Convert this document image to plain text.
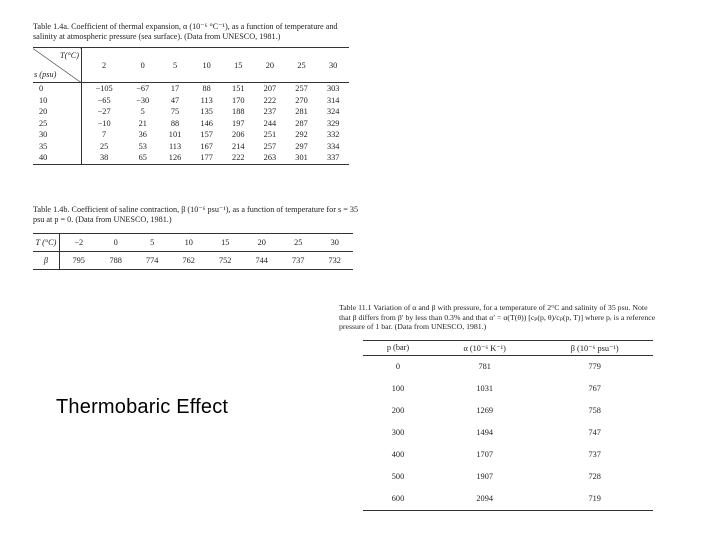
Table 1.4a. Coefficient of thermal expansion, α (10⁻⁶ °C⁻¹), as a function of temperature and salinity at atmospheric pressure (sea surface). (Data from UNESCO, 1981.)
T(°C)
s (psu)	2	0	5	10	15	20	25	30
0	−105	−67	17	88	151	207	257	303
10	−65	−30	47	113	170	222	270	314
20	−27	5	75	135	188	237	281	324
25	−10	21	88	146	197	244	287	329
30	7	36	101	157	206	251	292	332
35	25	53	113	167	214	257	297	334
40	38	65	126	177	222	263	301	337
Table 1.4b. Coefficient of saline contraction, β (10⁻⁶ psu⁻¹), as a function of temperature for s = 35 psu at p = 0. (Data from UNESCO, 1981.)
T (°C)	−2	0	5	10	15	20	25	30
β	795	788	774	762	752	744	737	732
Table 11.1 Variation of α and β with pressure, for a temperature of 2°C and salinity of 35 psu. Note that β differs from β′ by less than 0.3% and that α′ = α(T(θ)) [cₚ(p, θ)/cₚ(p, T)] where pᵣ is a reference pressure of 1 bar. (Data from UNESCO, 1981.)
p (bar)	α (10⁻⁶ K⁻¹)	β (10⁻⁶ psu⁻¹)
0	781	779
100	1031	767
200	1269	758
300	1494	747
400	1707	737
500	1907	728
600	2094	719
Thermobaric Effect
